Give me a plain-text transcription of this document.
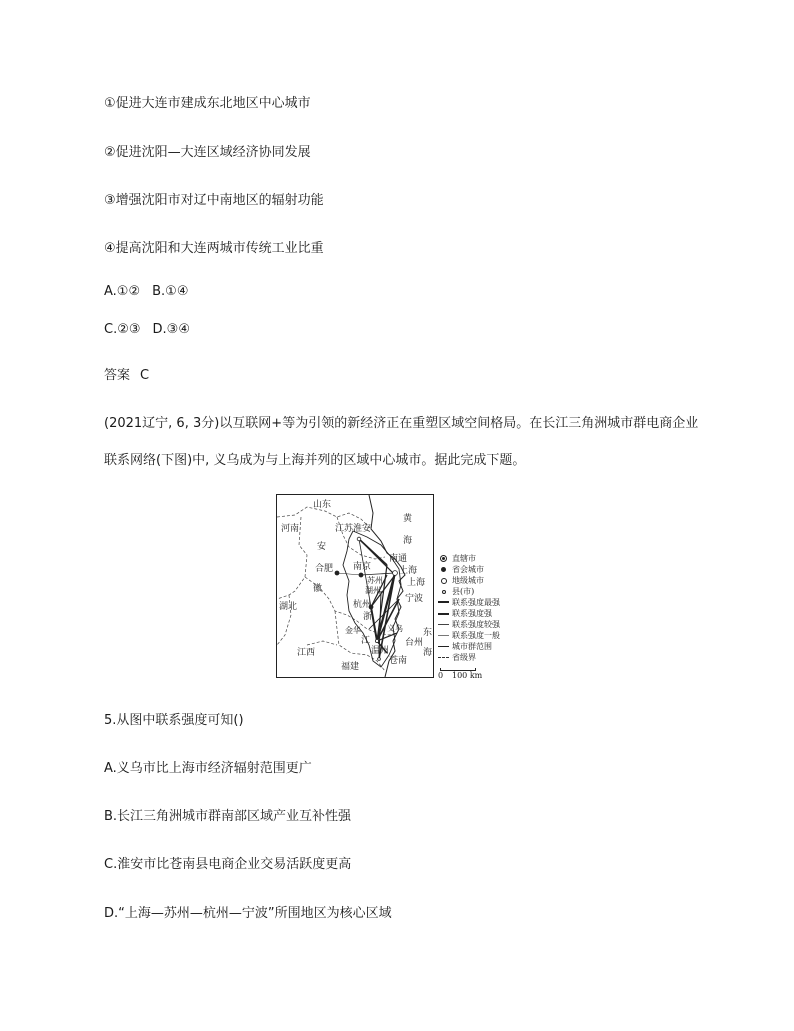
①促进大连市建成东北地区中心城市
②促进沈阳—大连区域经济协同发展
③增强沈阳市对辽中南地区的辐射功能
④提高沈阳和大连两城市传统工业比重
A.①② B.①④
C.②③ D.③④
答案 C
(2021辽宁, 6, 3分)以互联网+等为引领的新经济正在重塑区域空间格局。在长江三角洲城市群电商企业
联系网络(下图)中, 义乌成为与上海并列的区域中心城市。据此完成下题。
山东
河南
安
徽
江苏
黄
海
湖北
江西
福建
浙
江
东
海
淮安
南通
合肥 南京
苏州
上海
上海
湖州
宁波
杭州
金华	义乌
台州
温州
苍南
直辖市
省会城市
地级城市
县(市)
联系强度最强
联系强度强
联系强度较强
联系强度一般
城市群范围
省级界
0 100 km
5.从图中联系强度可知()
A.义乌市比上海市经济辐射范围更广
B.长江三角洲城市群南部区域产业互补性强
C.淮安市比苍南县电商企业交易活跃度更高
D.“上海—苏州—杭州—宁波”所围地区为核心区域
